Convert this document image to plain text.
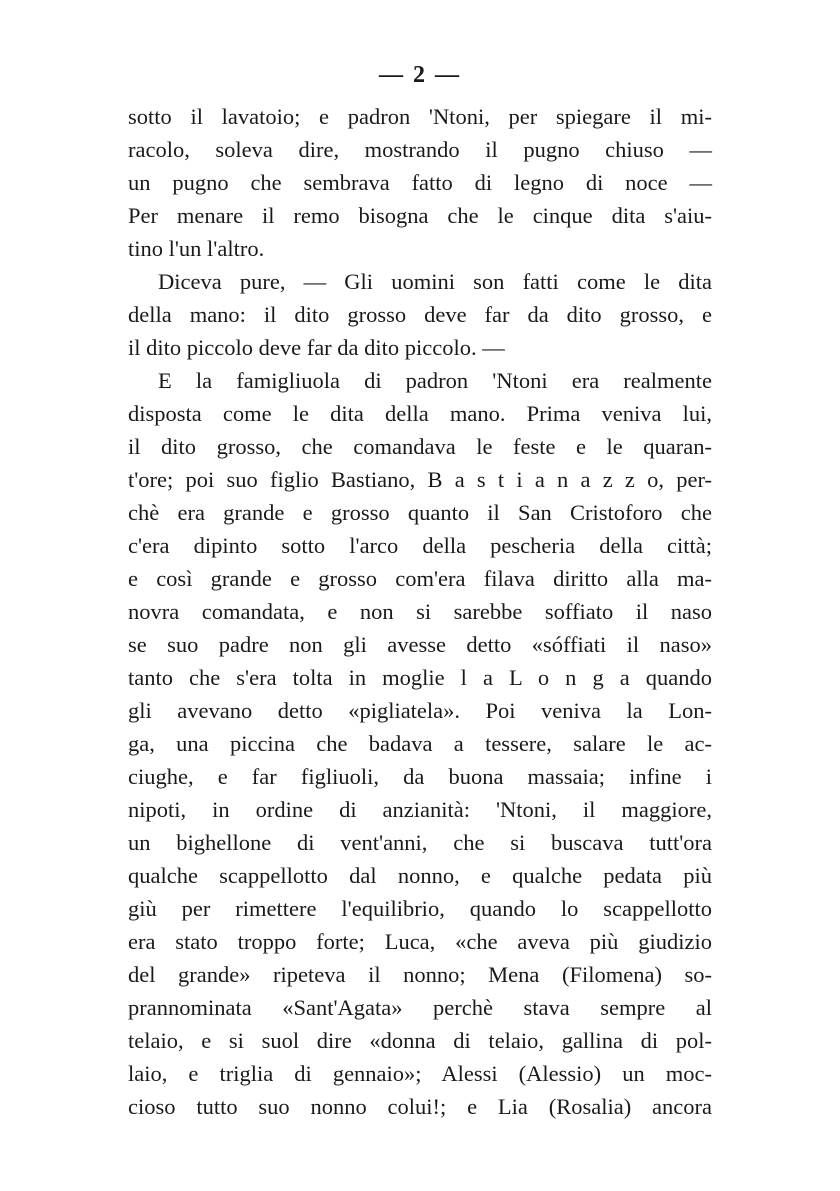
— 2 —
sotto il lavatoio; e padron 'Ntoni, per spiegare il mi-
racolo, soleva dire, mostrando il pugno chiuso —
un pugno che sembrava fatto di legno di noce —
Per menare il remo bisogna che le cinque dita s'aiu-
tino l'un l'altro.
Diceva pure, — Gli uomini son fatti come le dita
della mano: il dito grosso deve far da dito grosso, e
il dito piccolo deve far da dito piccolo. —
E la famigliuola di padron 'Ntoni era realmente
disposta come le dita della mano. Prima veniva lui,
il dito grosso, che comandava le feste e le quaran-
t'ore; poi suo figlio Bastiano, B a s t i a n a z z o, per-
chè era grande e grosso quanto il San Cristoforo che
c'era dipinto sotto l'arco della pescheria della città;
e così grande e grosso com'era filava diritto alla ma-
novra comandata, e non si sarebbe soffiato il naso
se suo padre non gli avesse detto «sóffiati il naso»
tanto che s'era tolta in moglie l a L o n g a quando
gli avevano detto «pigliatela». Poi veniva la Lon-
ga, una piccina che badava a tessere, salare le ac-
ciughe, e far figliuoli, da buona massaia; infine i
nipoti, in ordine di anzianità: 'Ntoni, il maggiore,
un bighellone di vent'anni, che si buscava tutt'ora
qualche scappellotto dal nonno, e qualche pedata più
giù per rimettere l'equilibrio, quando lo scappellotto
era stato troppo forte; Luca, «che aveva più giudizio
del grande» ripeteva il nonno; Mena (Filomena) so-
prannominata «Sant'Agata» perchè stava sempre al
telaio, e si suol dire «donna di telaio, gallina di pol-
laio, e triglia di gennaio»; Alessi (Alessio) un moc-
cioso tutto suo nonno colui!; e Lia (Rosalia) ancora
